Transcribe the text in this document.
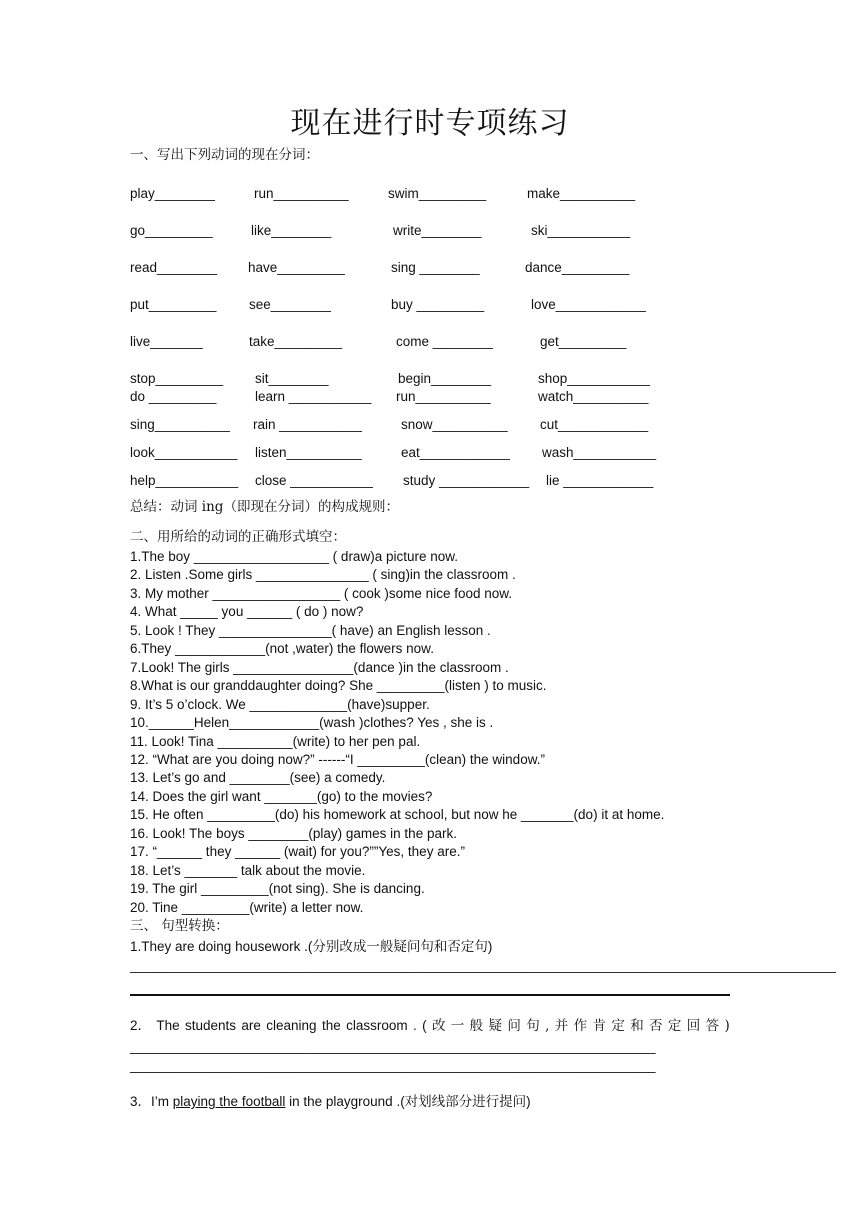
现在进行时专项练习
一、写出下列动词的现在分词：
play________	run__________	swim_________	make__________
go_________	like________	write________	ski___________
read________ have_________	sing ________	dance_________
put_________ see________	buy _________	love____________
live_______	take_________	come ________	get_________
stop_________ sit________	begin________	shop___________
do _________	learn ___________ run__________	watch__________
sing__________ rain ___________	snow__________ cut____________
look___________ listen__________	eat____________ wash___________
help___________ close ___________ study ____________ lie ____________
总结：动词 ing（即现在分词）的构成规则：
二、用所给的动词的正确形式填空：
1.The boy __________________ ( draw)a picture now.
2. Listen .Some girls _______________ ( sing)in the classroom .
3. My mother _________________ ( cook )some nice food now.
4. What _____ you ______ ( do ) now?
5. Look ! They _______________( have) an English lesson .
6.They ____________(not ,water) the flowers now.
7.Look! The girls ________________(dance )in the classroom .
8.What is our granddaughter doing? She _________(listen ) to music.
9. It’s 5 o’clock. We _____________(have)supper.
10.______Helen____________(wash )clothes? Yes , she is .
11. Look! Tina __________(write) to her pen pal.
12. “What are you doing now?” ------“I _________(clean) the window.”
13. Let’s go and ________(see) a comedy.
14. Does the girl want _______(go) to the movies?
15. He often _________(do) his homework at school, but now he _______(do) it at home.
16. Look! The boys ________(play) games in the park.
17. “______ they ______ (wait) for you?””Yes, they are.”
18. Let’s _______ talk about the movie.
19. The girl _________(not sing). She is dancing.
20. Tine _________(write) a letter now.
三、 句型转换：
1.They are doing housework .(分别改成一般疑问句和否定句)
______________________________________________________________________________________________
2． The students are cleaning the classroom . ( 改 一 般 疑 问 句 , 并 作 肯 定 和 否 定 回 答 )
______________________________________________________________________
______________________________________________________________________
3．I’m playing the football in the playground .(对划线部分进行提问)
